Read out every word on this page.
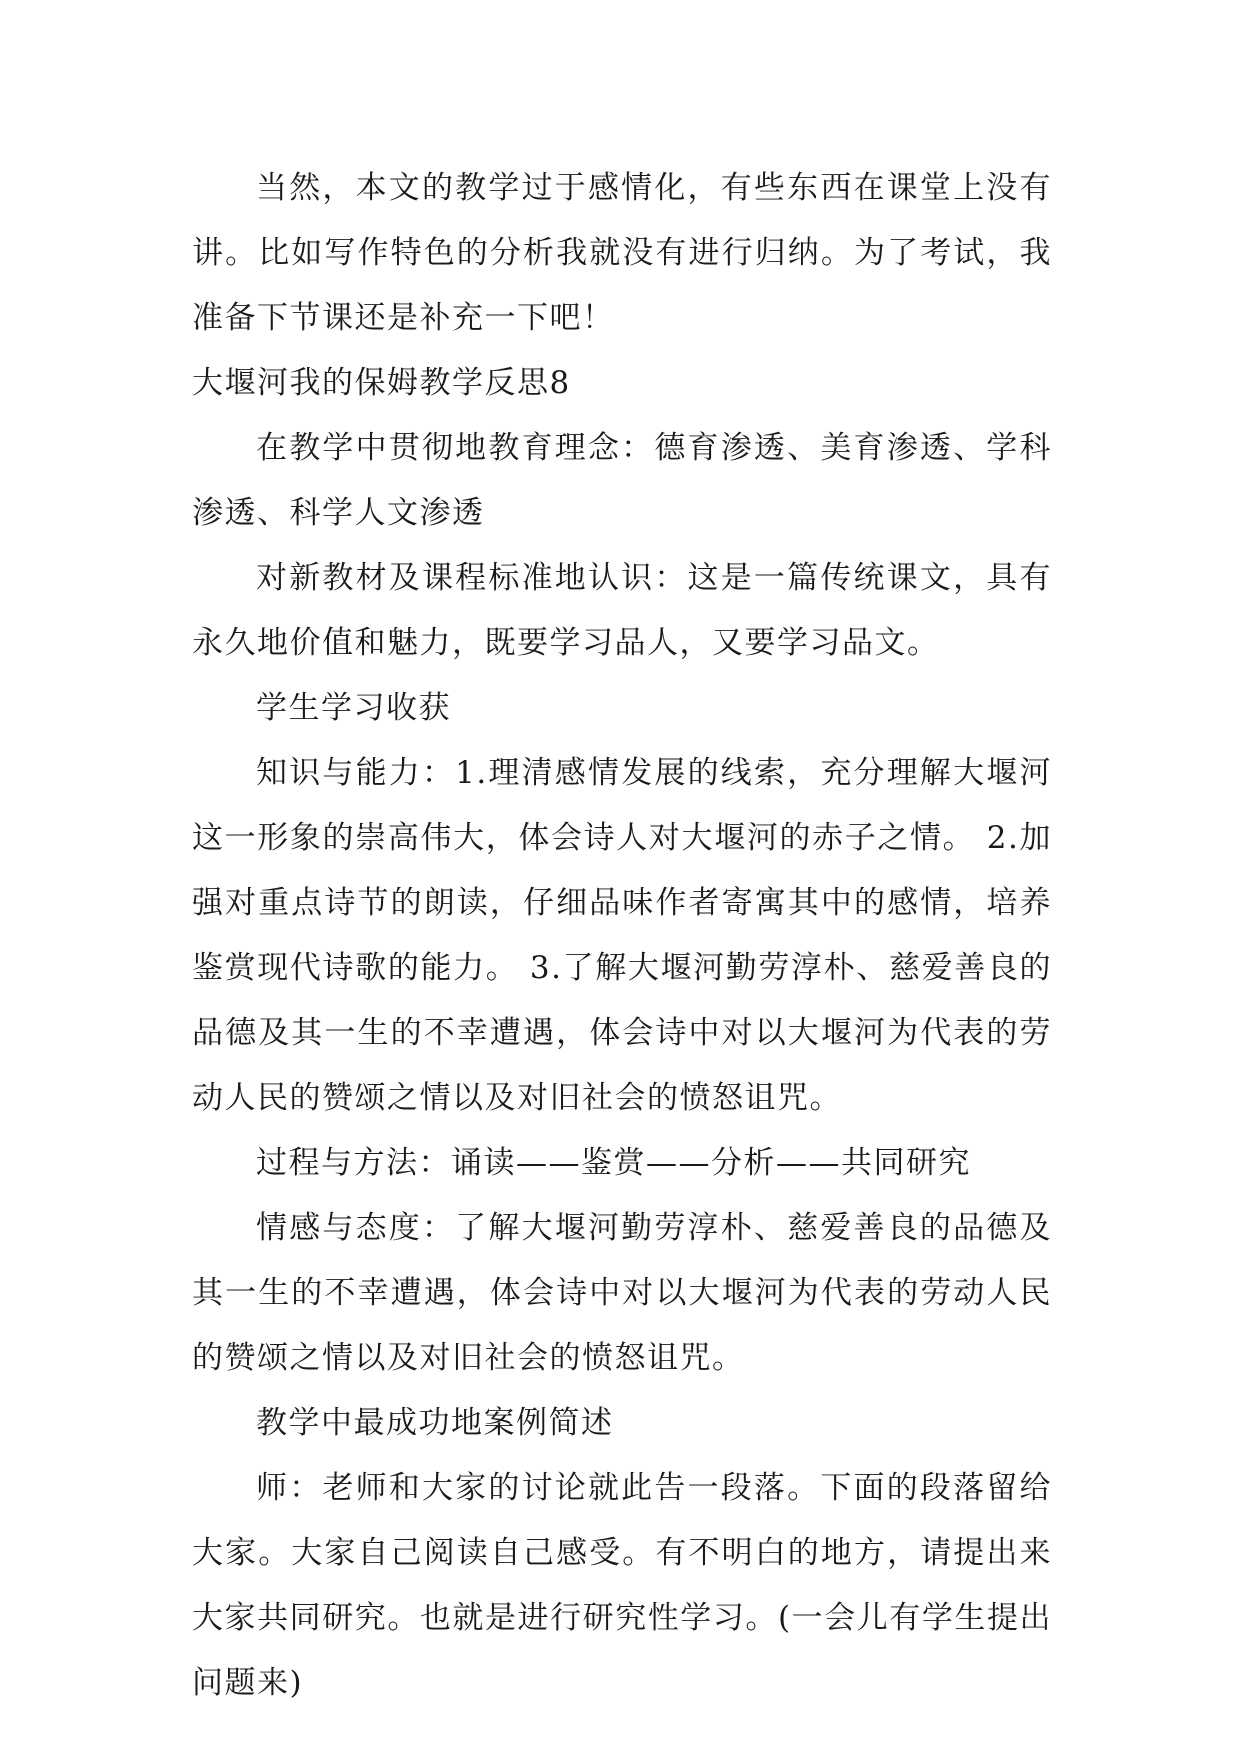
当然，本文的教学过于感情化，有些东西在课堂上没有讲。比如写作特色的分析我就没有进行归纳。为了考试，我准备下节课还是补充一下吧！

大堰河我的保姆教学反思8

在教学中贯彻地教育理念：德育渗透、美育渗透、学科渗透、科学人文渗透

对新教材及课程标准地认识：这是一篇传统课文，具有永久地价值和魅力，既要学习品人，又要学习品文。

学生学习收获

知识与能力：1.理清感情发展的线索，充分理解大堰河这一形象的崇高伟大，体会诗人对大堰河的赤子之情。 2.加强对重点诗节的朗读，仔细品味作者寄寓其中的感情，培养鉴赏现代诗歌的能力。 3.了解大堰河勤劳淳朴、慈爱善良的品德及其一生的不幸遭遇，体会诗中对以大堰河为代表的劳动人民的赞颂之情以及对旧社会的愤怒诅咒。

过程与方法：诵读——鉴赏——分析——共同研究

情感与态度：了解大堰河勤劳淳朴、慈爱善良的品德及其一生的不幸遭遇，体会诗中对以大堰河为代表的劳动人民的赞颂之情以及对旧社会的愤怒诅咒。

教学中最成功地案例简述

师：老师和大家的讨论就此告一段落。下面的段落留给大家。大家自己阅读自己感受。有不明白的地方，请提出来大家共同研究。也就是进行研究性学习。(一会儿有学生提出问题来)
